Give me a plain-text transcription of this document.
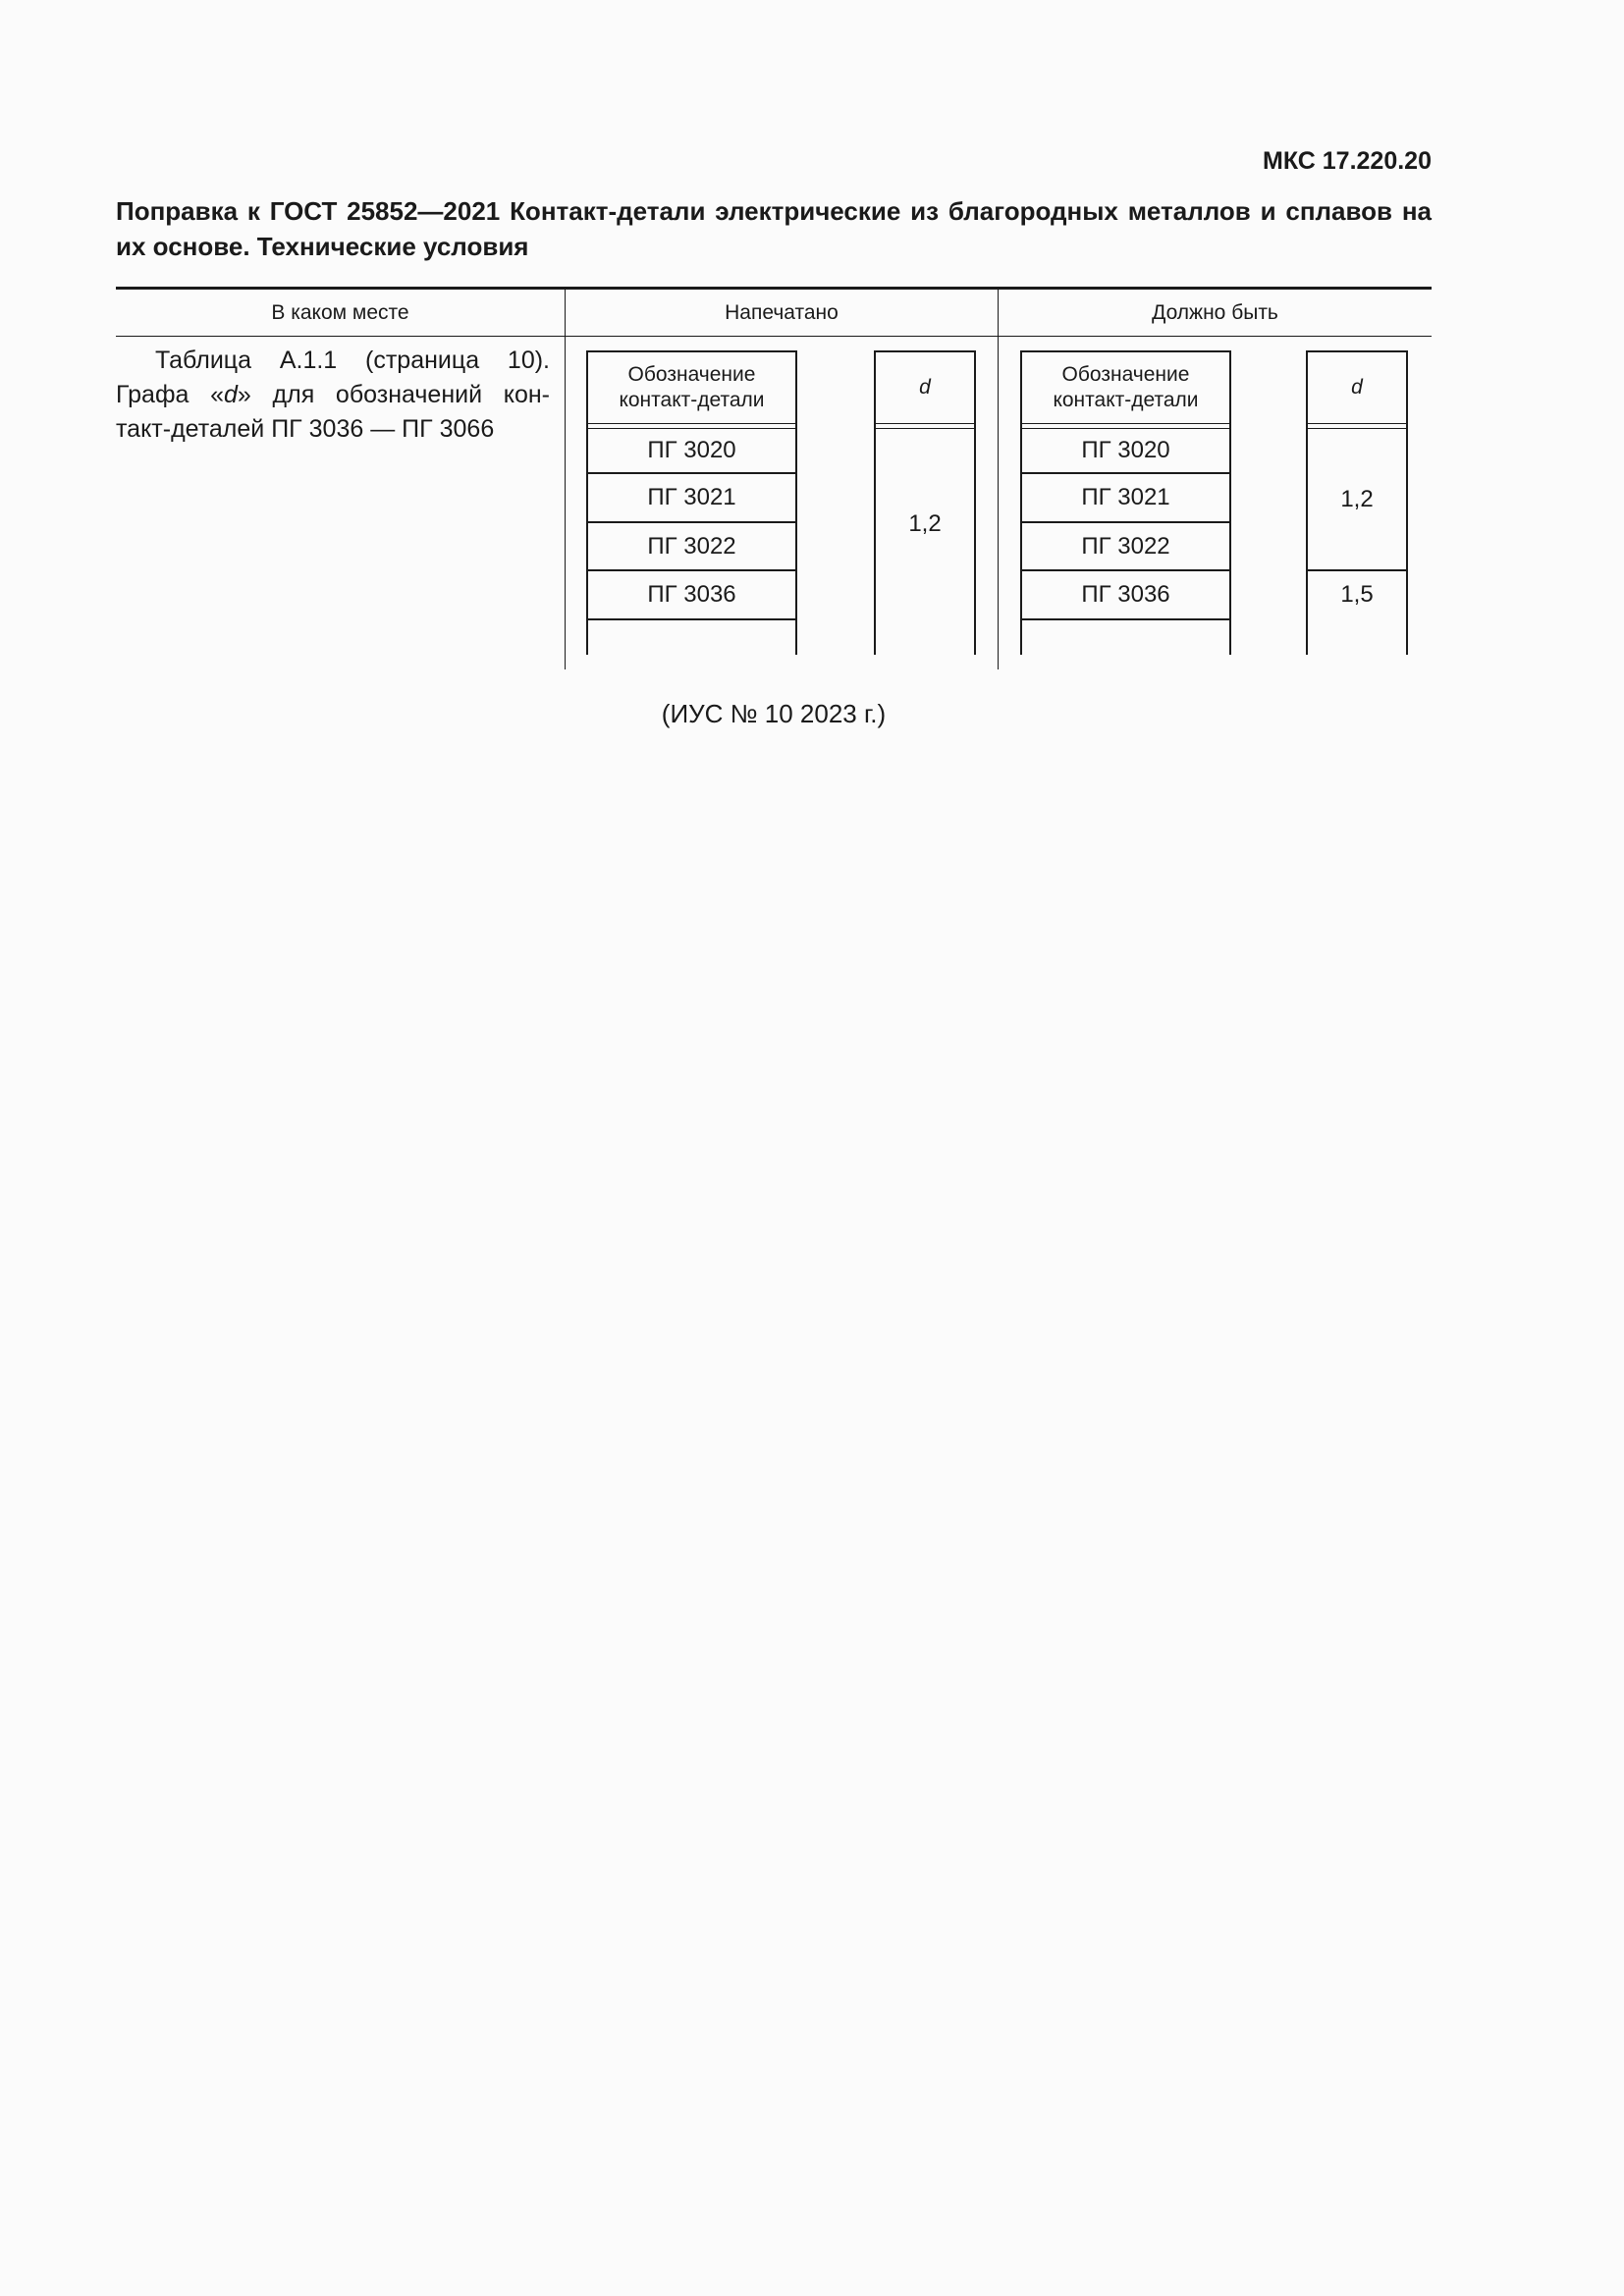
МКС 17.220.20
Поправка к ГОСТ 25852—2021 Контакт-детали электрические из благородных металлов и сплавов на их основе. Технические условия
В каком месте	Напечатано	Должно быть
Таблица А.1.1 (страница 10).
Графа «d» для обозначений кон-
такт-деталей ПГ 3036 — ПГ 3066
Обозначение контакт-детали
d
ПГ 3020
ПГ 3021
ПГ 3022
ПГ 3036
1,2
Обозначение контакт-детали
d
ПГ 3020
ПГ 3021
ПГ 3022
ПГ 3036
1,2
1,5
(ИУС № 10 2023 г.)
